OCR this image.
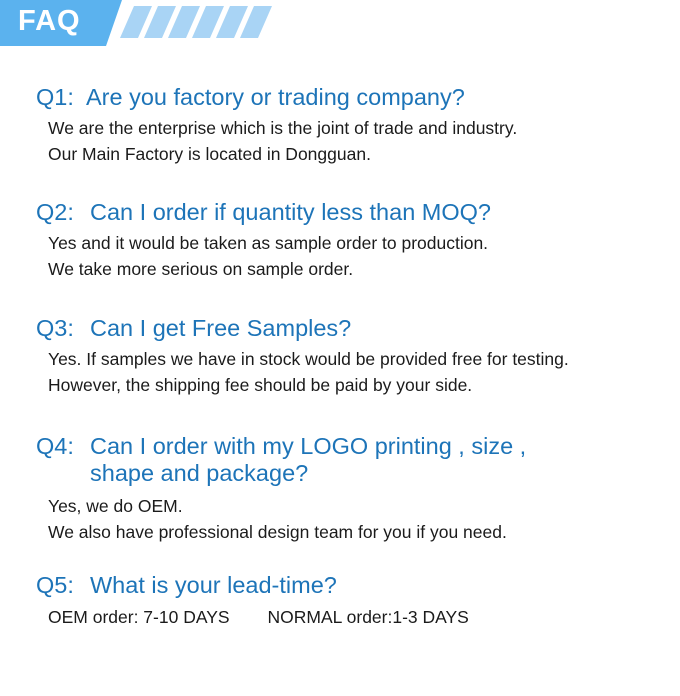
FAQ
Q1: Are you factory or trading company?
We are the enterprise which is the joint of trade and industry.
Our Main Factory is located in Dongguan.
Q2: Can I order if quantity less than MOQ?
Yes and it would be taken as sample order to production.
We take more serious on sample order.
Q3: Can I get Free Samples?
Yes. If samples we have in stock would be provided free for testing.
However, the shipping fee should be paid by your side.
Q4: Can I order with my LOGO printing , size , shape and package?
Yes, we do OEM.
We also have professional design team for you if you need.
Q5: What is your lead-time?
OEM order: 7-10 DAYS NORMAL order:1-3 DAYS
